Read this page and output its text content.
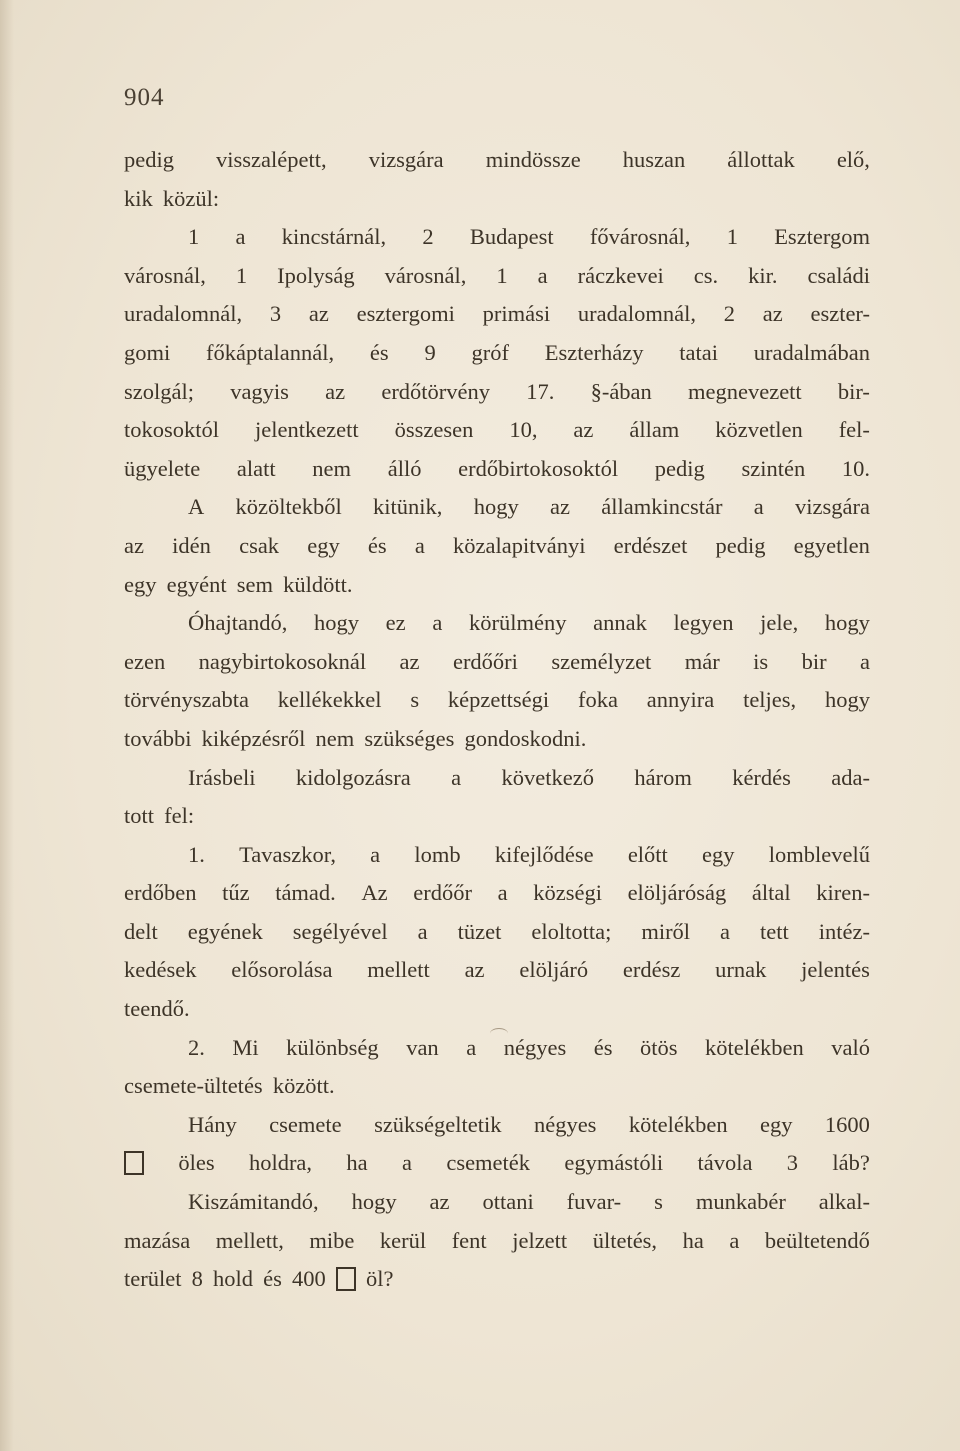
904
pedig visszalépett, vizsgára mindössze huszan állottak elő,
kik közül:
1 a kincstárnál, 2 Budapest fővárosnál, 1 Esztergom
városnál, 1 Ipolyság városnál, 1 a ráczkevei cs. kir. családi
uradalomnál, 3 az esztergomi primási uradalomnál, 2 az eszter-
gomi főkáptalannál, és 9 gróf Eszterházy tatai uradalmában
szolgál; vagyis az erdőtörvény 17. §-ában megnevezett bir-
tokosoktól jelentkezett összesen 10, az állam közvetlen fel-
ügyelete alatt nem álló erdőbirtokosoktól pedig szintén 10.
A közöltekből kitünik, hogy az államkincstár a vizsgára
az idén csak egy és a közalapitványi erdészet pedig egyetlen
egy egyént sem küldött.
Óhajtandó, hogy ez a körülmény annak legyen jele, hogy
ezen nagybirtokosoknál az erdőőri személyzet már is bir a
törvényszabta kellékekkel s képzettségi foka annyira teljes, hogy
további kiképzésről nem szükséges gondoskodni.
Irásbeli kidolgozásra a következő három kérdés ada-
tott fel:
1. Tavaszkor, a lomb kifejlődése előtt egy lomblevelű
erdőben tűz támad. Az erdőőr a községi elöljáróság által kiren-
delt egyének segélyével a tüzet eloltotta; miről a tett intéz-
kedések elősorolása mellett az elöljáró erdész urnak jelentés
teendő.
2. Mi különbség van a négyes és ötös kötelékben való
csemete-ültetés között.
Hány csemete szükségeltetik négyes kötelékben egy 1600
öles holdra, ha a csemeték egymástóli távola 3 láb?
Kiszámitandó, hogy az ottani fuvar- s munkabér alkal-
mazása mellett, mibe kerül fent jelzett ültetés, ha a beültetendő
terület 8 hold és 400 öl?
